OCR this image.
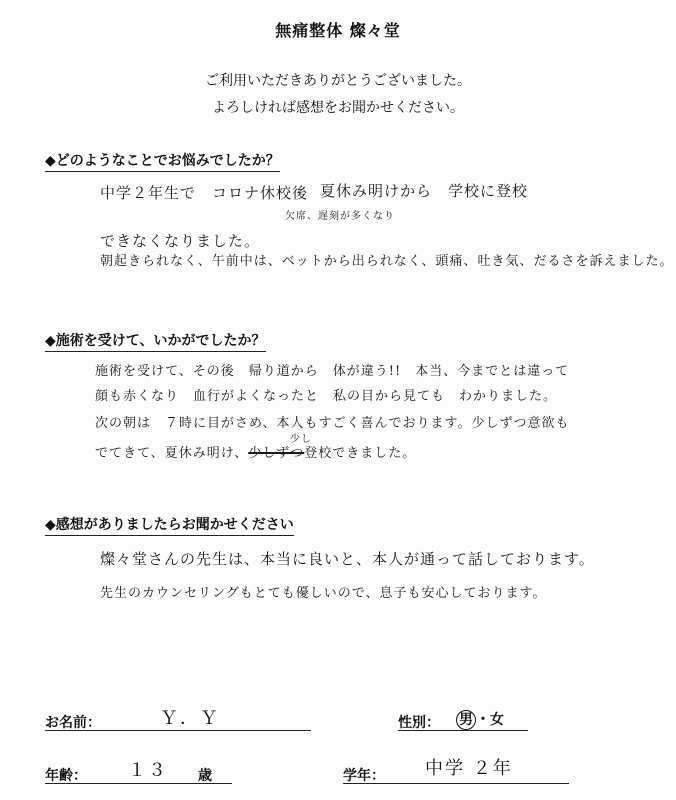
無痛整体 燦々堂
ご利用いただきありがとうございました。
よろしければ感想をお聞かせください。
◆どのようなことでお悩みでしたか？
中学２年生で　コロナ休校後 夏休み明けから　学校に登校
欠席、遅刻が多くなり
できなくなりました。
朝起きられなく、午前中は、ベットから出られなく、頭痛、吐き気、だるさを訴えました。
◆施術を受けて、いかがでしたか？
施術を受けて、その後　帰り道から　体が違う!!　本当、今までとは違って
顔も赤くなり　血行がよくなったと　私の目から見ても　わかりました。
次の朝は　７時に目がさめ、本人もすごく喜んでおります。少しずつ意欲も
でてきて、夏休み明け、少しずつ登校できました。
少し
◆感想がありましたらお聞かせください
燦々堂さんの先生は、本当に良いと、本人が通って話しております。
先生のカウンセリングもとても優しいので、息子も安心しております。
お名前：	Ｙ．Ｙ	性別： 男 ・女
年齢： １３ 歳	学年： 中学 ２年
